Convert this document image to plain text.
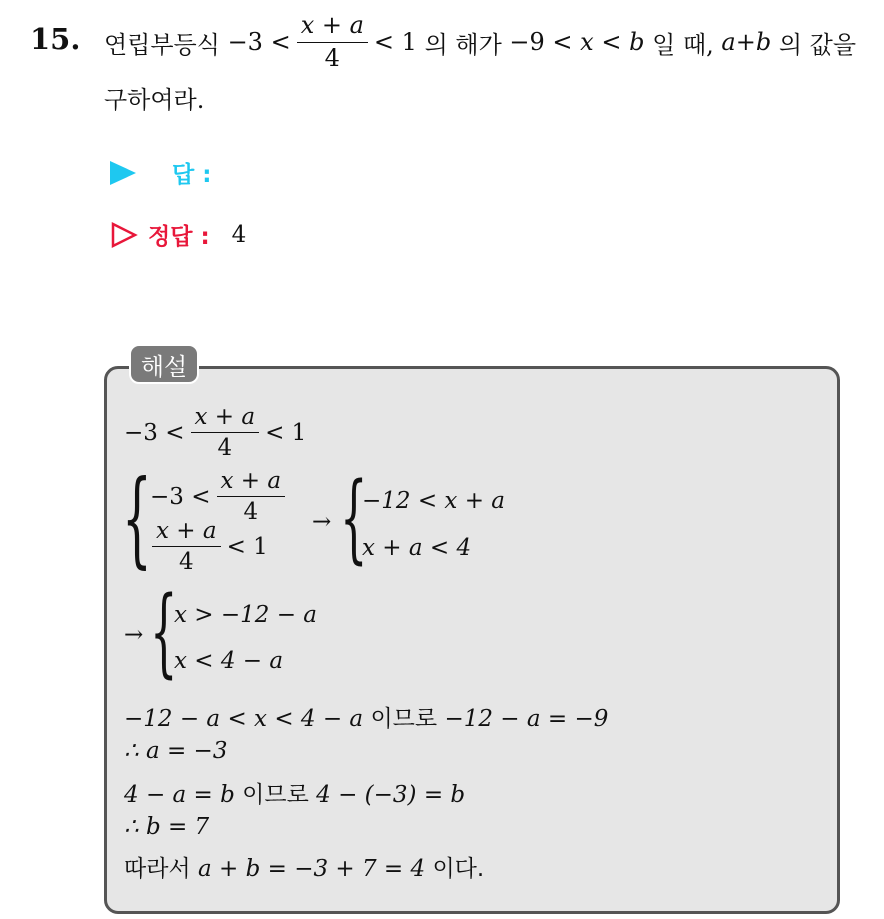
15. 연립부등식
$-3 < \frac{x + a}{4} < 1$
의 해가
−9 <
x
<
b
일 때,
a + b
의 값을
구하여라.
답 :
정답 : 4
해설
$-3 < \frac{x + a}{4} < 1$
{
$-3 < \frac{x + a}{4}$
$\frac{x + a}{4} < 1$
→ {
−12 < x + a
x + a < 4
→ {
x > −12 − a
x < 4 − a
−12 − a < x < 4 − a 이므로 −12 − a = −9
∴ a = −3
4 − a = b 이므로 4 − (−3) = b
∴ b = 7
따라서 a + b = −3 + 7 = 4 이다.
